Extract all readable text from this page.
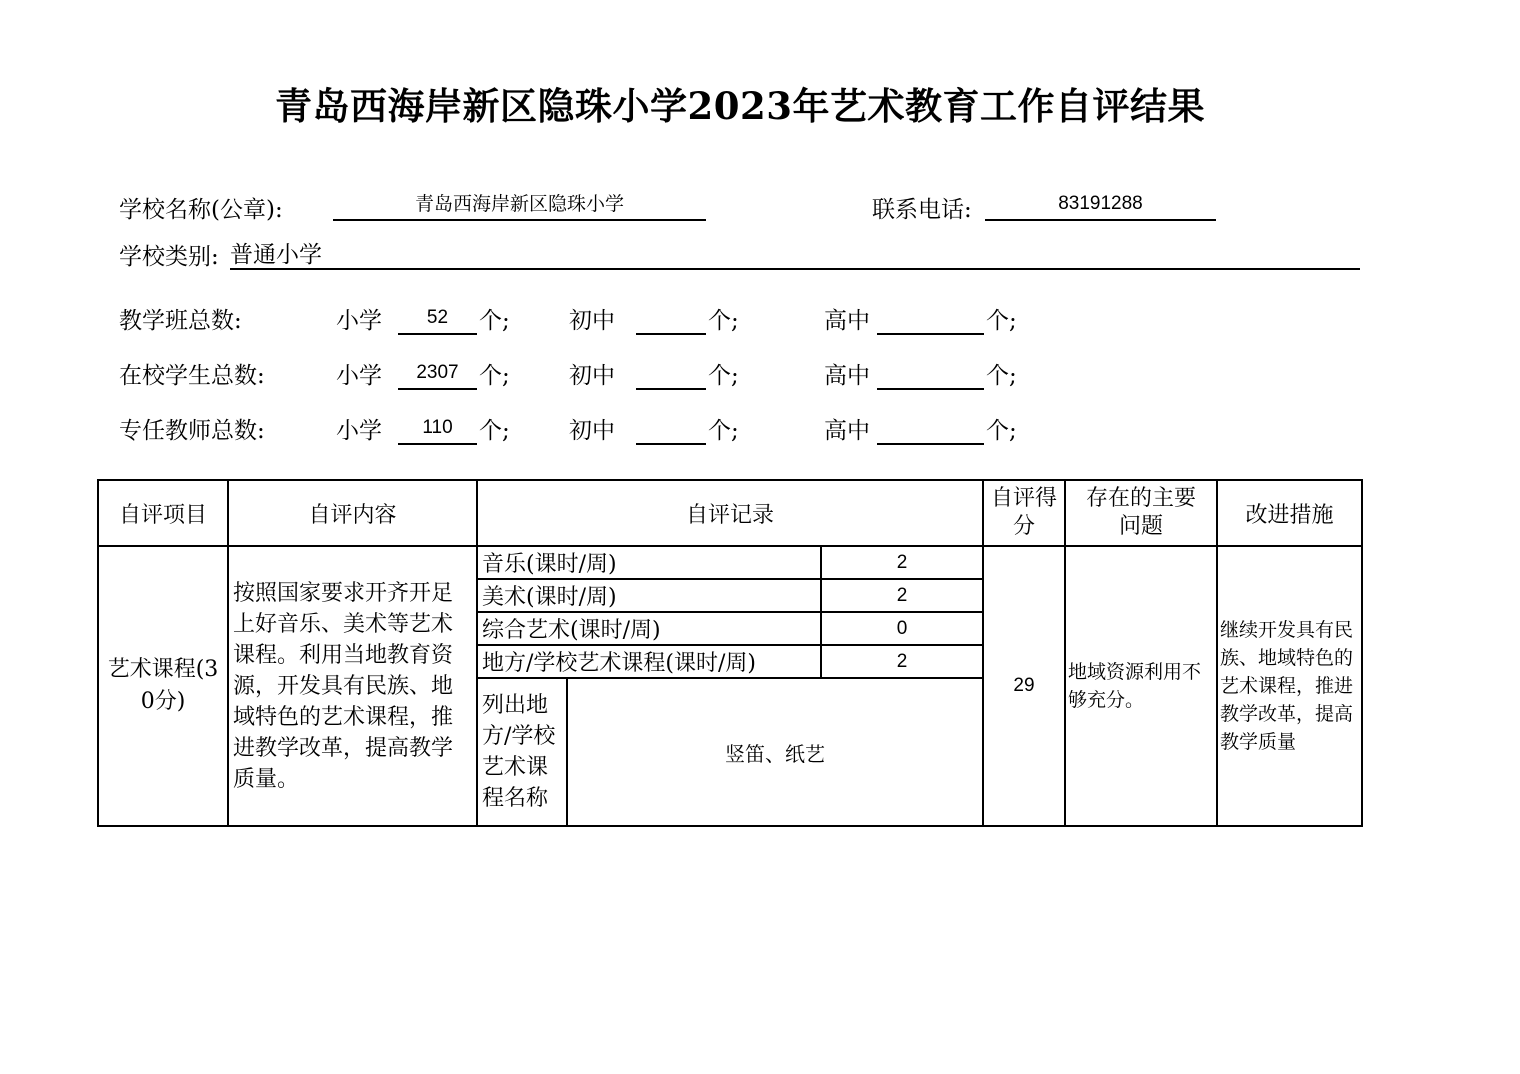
青岛西海岸新区隐珠小学2023年艺术教育工作自评结果
学校名称(公章):	青岛西海岸新区隐珠小学	联系电话:	83191288
学校类别: 普通小学
教学班总数:	小学	52	个;	初中	个;	高中	个;
在校学生总数:	小学	2307 个;	初中	个;	高中	个;
专任教师总数:	小学	110	个;	初中	个;	高中	个;
自评项目	自评内容	自评记录			自评得分	存在的主要问题	改进措施
艺术课程(30分)	按照国家要求开齐开足上好音乐、美术等艺术课程。利用当地教育资源，开发具有民族、地域特色的艺术课程，推进教学改革，提高教学质量。	音乐(课时/周)		2	29	地域资源利用不够充分。	继续开发具有民族、地域特色的艺术课程，推进教学改革，提高教学质量
		美术(课时/周)		2			
		综合艺术(课时/周)		0			
		地方/学校艺术课程(课时/周)		2			
		列出地方/学校艺术课程名称	竖笛、纸艺				
